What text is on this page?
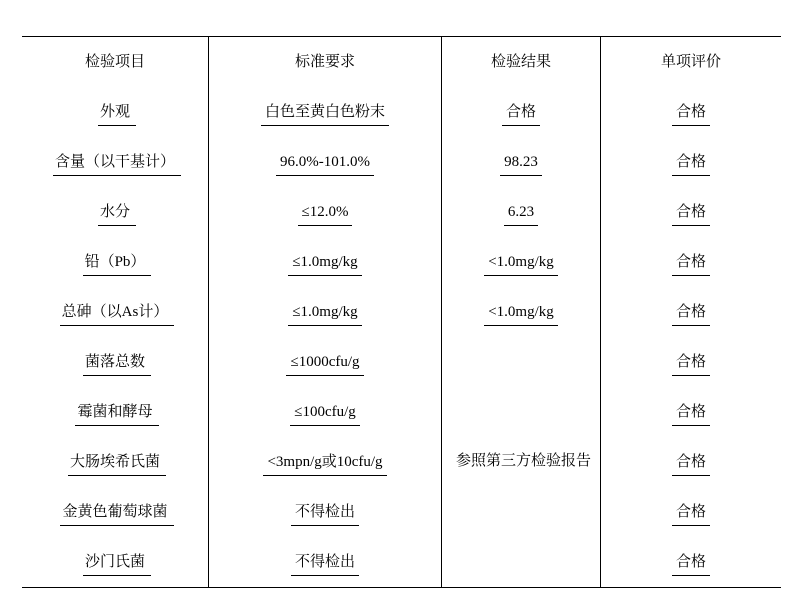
检验项目	标准要求	检验结果	单项评价
外观	白色至黄白色粉末	合格	合格
含量（以干基计）	96.0%-101.0%	98.23	合格
水分	≤12.0%	6.23	合格
铅（Pb）	≤1.0mg/kg	<1.0mg/kg	合格
总砷（以As计）	≤1.0mg/kg	<1.0mg/kg	合格
菌落总数	≤1000cfu/g	参照第三方检验报告	合格
霉菌和酵母	≤100cfu/g		合格
大肠埃希氏菌	<3mpn/g或10cfu/g		合格
金黄色葡萄球菌	不得检出		合格
沙门氏菌	不得检出		合格
